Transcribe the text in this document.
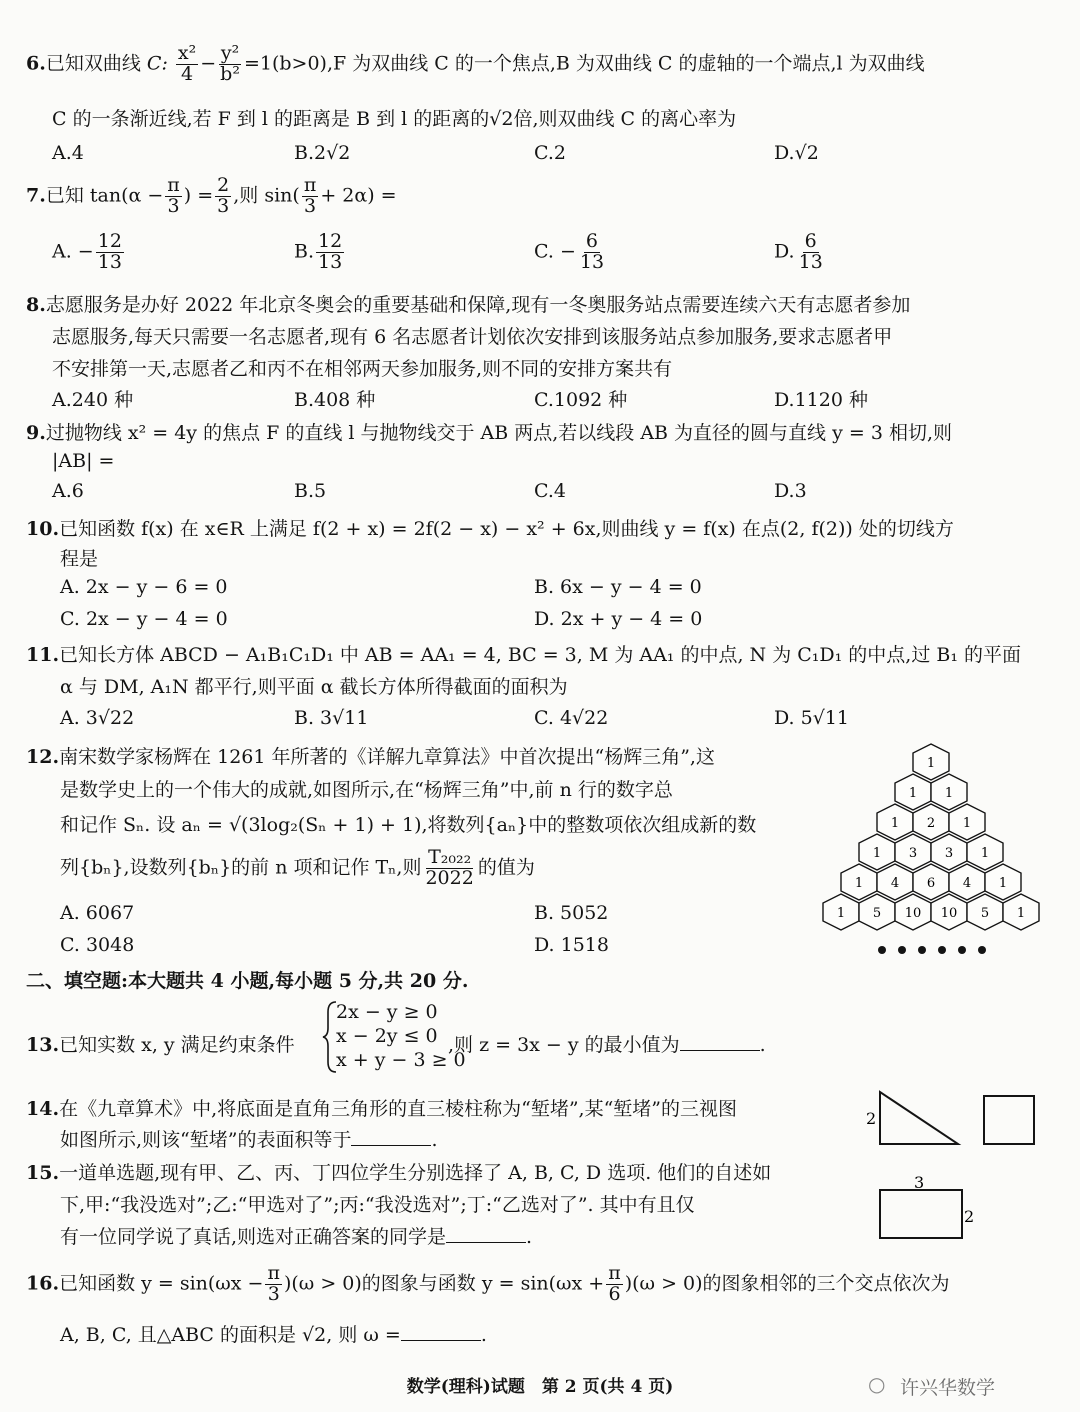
6.已知双曲线 C: $\frac{\text{x²}}{4} - \frac{\text{y²}}{\text{b²}} =1(b>0),F$ 为双曲线 C 的一个焦点,B 为双曲线 C 的虚轴的一个端点,l 为双曲线
C 的一条渐近线,若 F 到 l 的距离是 B 到 l 的距离的√2倍,则双曲线 C 的离心率为
A.4	B.2√2	C.2	D.√2
7.已知 $\tan(\alpha - \frac{\pi}{3}$ ) = $\frac{2}{3}$ ,则 $\sin( \frac{\pi}{3} + 2\alpha)$ =
A. − $\frac{12}{13}$	B. $\frac{12}{13}$	C. − $\frac{6}{13}$	D. $\frac{6}{13}$
8.志愿服务是办好 2022 年北京冬奥会的重要基础和保障,现有一冬奥服务站点需要连续六天有志愿者参加
志愿服务,每天只需要一名志愿者,现有 6 名志愿者计划依次安排到该服务站点参加服务,要求志愿者甲
不安排第一天,志愿者乙和丙不在相邻两天参加服务,则不同的安排方案共有
A.240 种	B.408 种	C.1092 种	D.1120 种
9.过抛物线 x² = 4y 的焦点 F 的直线 l 与抛物线交于 AB 两点,若以线段 AB 为直径的圆与直线 y = 3 相切,则
|AB| =
A.6	B.5	C.4	D.3
10.已知函数 f(x) 在 x∈R 上满足 f(2 + x) = 2f(2 − x) − x² + 6x,则曲线 y = f(x) 在点(2, f(2)) 处的切线方
程是
A. 2x − y − 6 = 0	B. 6x − y − 4 = 0
C. 2x − y − 4 = 0	D. 2x + y − 4 = 0
11.已知长方体 ABCD − A₁B₁C₁D₁ 中 AB = AA₁ = 4, BC = 3, M 为 AA₁ 的中点, N 为 C₁D₁ 的中点,过 B₁ 的平面
α 与 DM, A₁N 都平行,则平面 α 截长方体所得截面的面积为
A. 3√22	B. 3√11	C. 4√22	D. 5√11
12.南宋数学家杨辉在 1261 年所著的《详解九章算法》中首次提出“杨辉三角”,这
是数学史上的一个伟大的成就,如图所示,在“杨辉三角”中,前 n 行的数字总
和记作 Sₙ. 设 aₙ = √(3log₂(Sₙ + 1) + 1),将数列{aₙ}中的整数项依次组成新的数
列{bₙ},设数列{bₙ}的前 n 项和记作 Tₙ,则 $\frac{\text{T₂₀₂₂}}{2022}$ 的值为
A. 6067	B. 5052
C. 3048	D. 1518
1
1 1
1 2 1
1 3 3 1
1 4 6 4 1
1 5 10 10 5 1
二、填空题:本大题共 4 小题,每小题 5 分,共 20 分.
13.已知实数 x, y 满足约束条件
2x − y ≥ 0
x − 2y ≤ 0
x + y − 3 ≥ 0
,则 z = 3x − y 的最小值为	.
14.在《九章算术》中,将底面是直角三角形的直三棱柱称为“堑堵”,某“堑堵”的三视图
如图所示,则该“堑堵”的表面积等于	.
2
3
2
15.一道单选题,现有甲、乙、丙、丁四位学生分别选择了 A, B, C, D 选项. 他们的自述如
下,甲:“我没选对”;乙:“甲选对了”;丙:“我没选对”;丁:“乙选对了”. 其中有且仅
有一位同学说了真话,则选对正确答案的同学是	.
16.已知函数 $y = \sin(\omega x - \frac{\pi}{3} )(\omega > 0)$的图象与函数 $y = \sin(\omega x + \frac{\pi}{6} )(\omega > 0)$的图象相邻的三个交点依次为
A, B, C, 且△ABC 的面积是 √2, 则 ω =	.
数学(理科)试题　第 2 页(共 4 页)	○ 许兴华数学
